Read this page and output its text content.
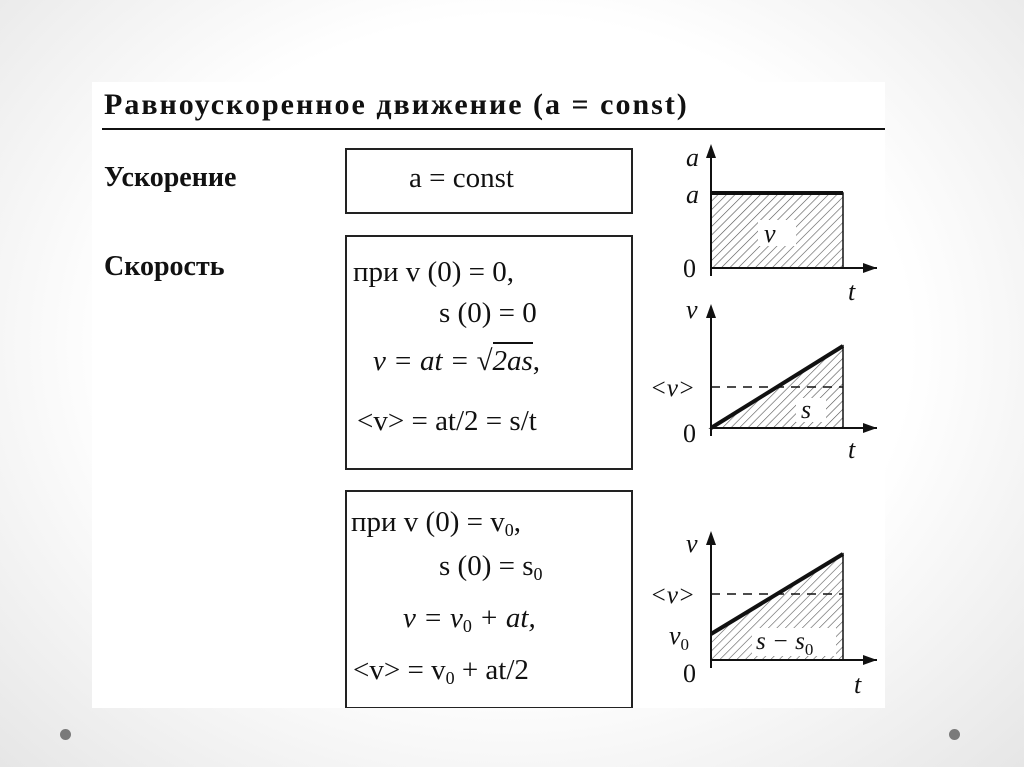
a
a
0
v
t
v
<v>
0
s
t
v
<v>
$v_0$
0
$s - s_0$
t
Равноускоренное движение (a = const)
Ускорение
Скорость
a = const
при v (0) = 0,
s (0) = 0
v = at = √2as,
<v> = at/2 = s/t
при v $(0) = v_0$,
s $(0) = s_0$
$v = v_0$ + at,
$<v> = v_0 + at/2$
